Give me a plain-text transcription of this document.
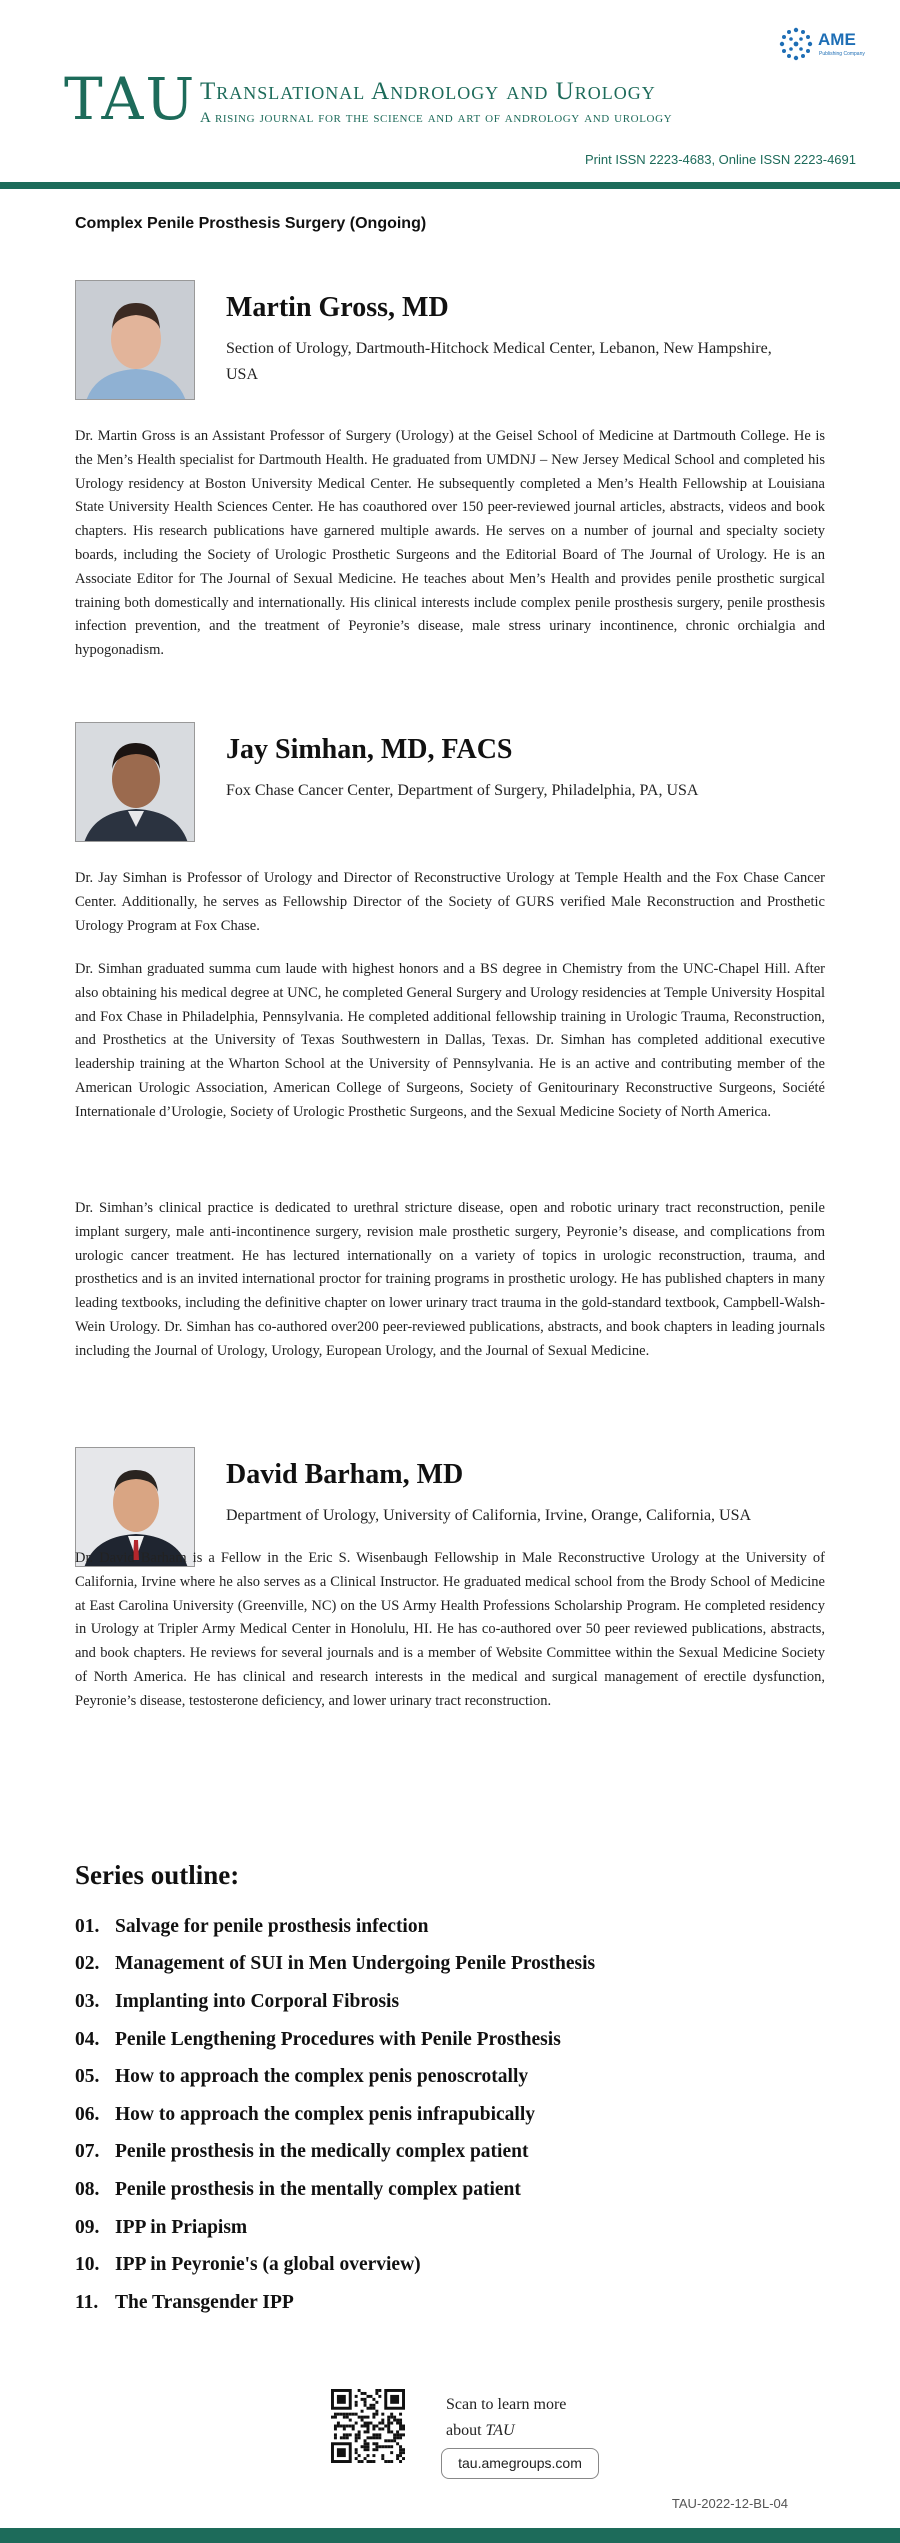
AME
Publishing Company
TAU Translational Andrology and Urology
A rising journal for the science and art of andrology and urology
Print ISSN 2223-4683, Online ISSN 2223-4691
Complex Penile Prosthesis Surgery (Ongoing)
Martin Gross, MD
Section of Urology, Dartmouth-Hitchock Medical Center, Lebanon, New Hampshire, USA

Dr. Martin Gross is an Assistant Professor of Surgery (Urology) at the Geisel School of Medicine at Dartmouth College. He is the Men’s Health specialist for Dartmouth Health. He graduated from UMDNJ – New Jersey Medical School and completed his Urology residency at Boston University Medical Center. He subsequently completed a Men’s Health Fellowship at Louisiana State University Health Sciences Center. He has coauthored over 150 peer-reviewed journal articles, abstracts, videos and book chapters. His research publications have garnered multiple awards. He serves on a number of journal and specialty society boards, including the Society of Urologic Prosthetic Surgeons and the Editorial Board of The Journal of Urology. He is an Associate Editor for The Journal of Sexual Medicine. He teaches about Men’s Health and provides penile prosthetic surgical training both domestically and internationally. His clinical interests include complex penile prosthesis surgery, penile prosthesis infection prevention, and the treatment of Peyronie’s disease, male stress urinary incontinence, chronic orchialgia and hypogonadism.

Jay Simhan, MD, FACS
Fox Chase Cancer Center, Department of Surgery, Philadelphia, PA, USA

Dr. Jay Simhan is Professor of Urology and Director of Reconstructive Urology at Temple Health and the Fox Chase Cancer Center. Additionally, he serves as Fellowship Director of the Society of GURS verified Male Reconstruction and Prosthetic Urology Program at Fox Chase.

Dr. Simhan graduated summa cum laude with highest honors and a BS degree in Chemistry from the UNC-Chapel Hill. After also obtaining his medical degree at UNC, he completed General Surgery and Urology residencies at Temple University Hospital and Fox Chase in Philadelphia, Pennsylvania. He completed additional fellowship training in Urologic Trauma, Reconstruction, and Prosthetics at the University of Texas Southwestern in Dallas, Texas. Dr. Simhan has completed additional executive leadership training at the Wharton School at the University of Pennsylvania. He is an active and contributing member of the American Urologic Association, American College of Surgeons, Society of Genitourinary Reconstructive Surgeons, Société Internationale d’Urologie, Society of Urologic Prosthetic Surgeons, and the Sexual Medicine Society of North America.

Dr. Simhan’s clinical practice is dedicated to urethral stricture disease, open and robotic urinary tract reconstruction, penile implant surgery, male anti-incontinence surgery, revision male prosthetic surgery, Peyronie’s disease, and complications from urologic cancer treatment. He has lectured internationally on a variety of topics in urologic reconstruction, trauma, and prosthetics and is an invited international proctor for training programs in prosthetic urology. He has published chapters in many leading textbooks, including the definitive chapter on lower urinary tract trauma in the gold-standard textbook, Campbell-Walsh-Wein Urology. Dr. Simhan has co-authored over200 peer-reviewed publications, abstracts, and book chapters in leading journals including the Journal of Urology, Urology, European Urology, and the Journal of Sexual Medicine.

David Barham, MD
Department of Urology, University of California, Irvine, Orange, California, USA

Dr. David Barham is a Fellow in the Eric S. Wisenbaugh Fellowship in Male Reconstructive Urology at the University of California, Irvine where he also serves as a Clinical Instructor. He graduated medical school from the Brody School of Medicine at East Carolina University (Greenville, NC) on the US Army Health Professions Scholarship Program. He completed residency in Urology at Tripler Army Medical Center in Honolulu, HI. He has co-authored over 50 peer reviewed publications, abstracts, and book chapters. He reviews for several journals and is a member of Website Committee within the Sexual Medicine Society of North America. He has clinical and research interests in the medical and surgical management of erectile dysfunction, Peyronie’s disease, testosterone deficiency, and lower urinary tract reconstruction.

Series outline:
01. Salvage for penile prosthesis infection
02. Management of SUI in Men Undergoing Penile Prosthesis
03. Implanting into Corporal Fibrosis
04. Penile Lengthening Procedures with Penile Prosthesis
05. How to approach the complex penis penoscrotally
06. How to approach the complex penis infrapubically
07. Penile prosthesis in the medically complex patient
08. Penile prosthesis in the mentally complex patient
09. IPP in Priapism
10. IPP in Peyronie's (a global overview)
11. The Transgender IPP
Scan to learn more
about TAU
tau.amegroups.com
TAU-2022-12-BL-04
